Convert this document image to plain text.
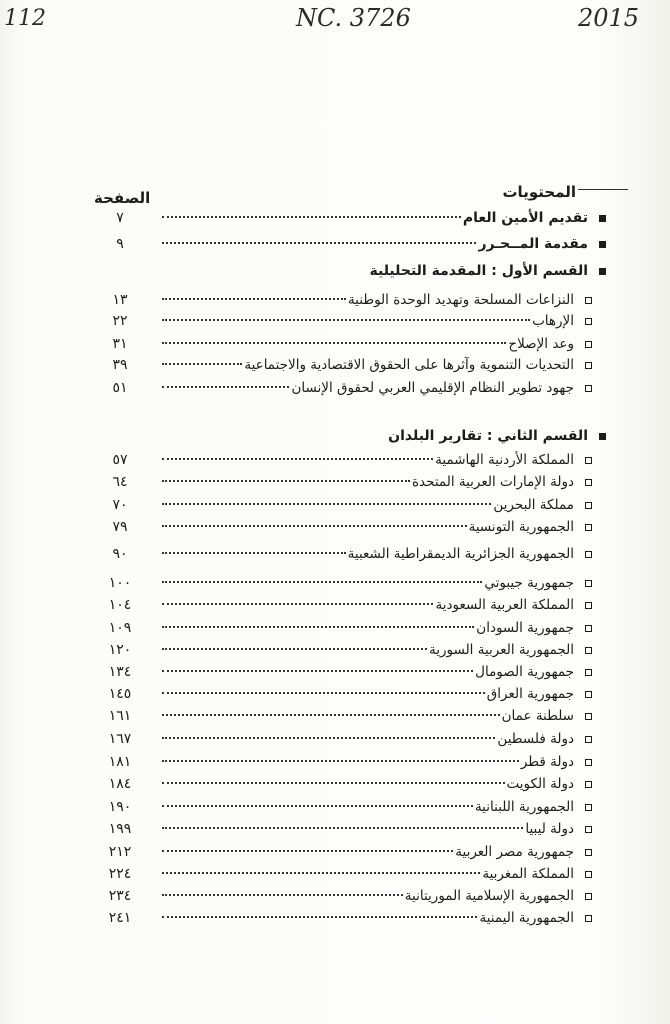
112	NC. 3726	2015
المحتويات
الصفحة
تقديم الأمين العام
٧
مقدمة المــحـرر
٩
القسم الأول : المقدمة التحليلية
النزاعات المسلحة وتهديد الوحدة الوطنية
١٣
الإرهاب
٢٢
وعد الإصلاح
٣١
التحديات التنموية وآثرها على الحقوق الاقتصادية والاجتماعية
٣٩
جهود تطوير النظام الإقليمي العربي لحقوق الإنسان
٥١
القسم الثاني : تقارير البلدان
المملكة الأردنية الهاشمية
٥٧
دولة الإمارات العربية المتحدة
٦٤
مملكة البحرين
٧٠
الجمهورية التونسية
٧٩
الجمهورية الجزائرية الديمقراطية الشعبية
٩٠
جمهورية جيبوتي
١٠٠
المملكة العربية السعودية
١٠٤
جمهورية السودان
١٠٩
الجمهورية العربية السورية
١٢٠
جمهورية الصومال
١٣٤
جمهورية العراق
١٤٥
سلطنة عمان
١٦١
دولة فلسطين
١٦٧
دولة قطر
١٨١
دولة الكويت
١٨٤
الجمهورية اللبنانية
١٩٠
دولة ليبيا
١٩٩
جمهورية مصر العربية
٢١٢
المملكة المغربية
٢٢٤
الجمهورية الإسلامية الموريتانية
٢٣٤
الجمهورية اليمنية
٢٤١
